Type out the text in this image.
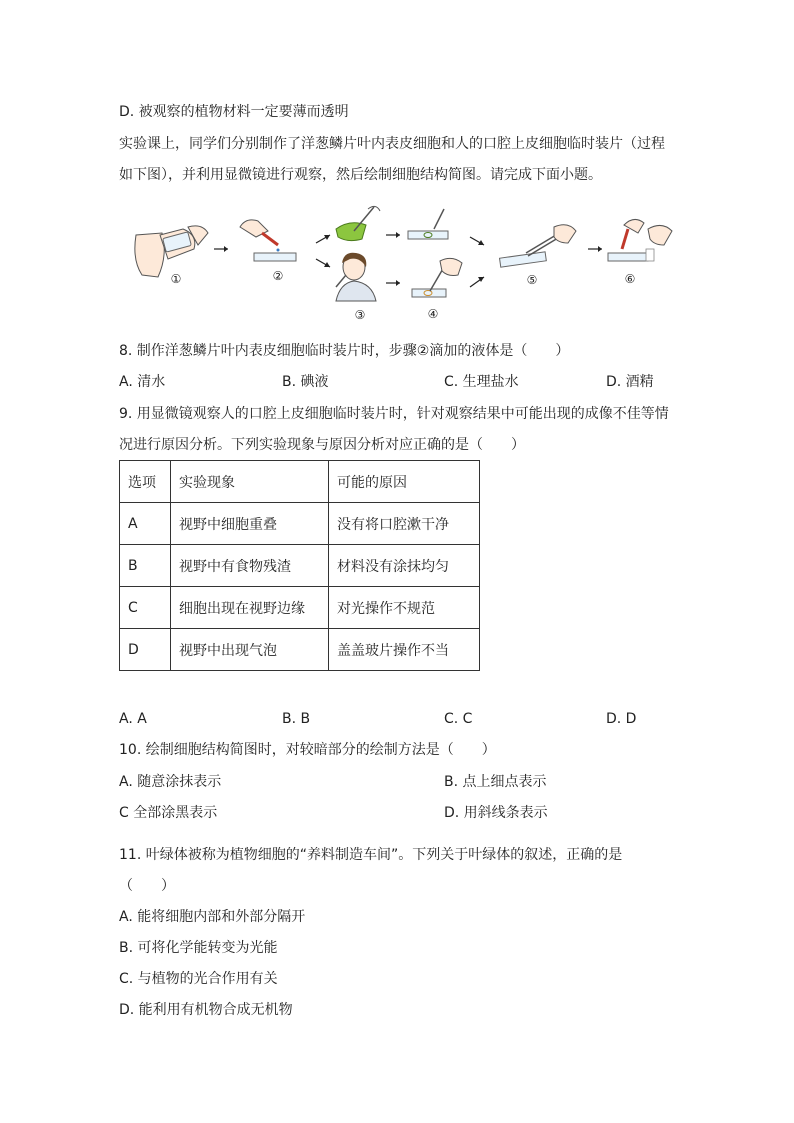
D. 被观察的植物材料一定要薄而透明
实验课上，同学们分别制作了洋葱鳞片叶内表皮细胞和人的口腔上皮细胞临时装片（过程
如下图），并利用显微镜进行观察，然后绘制细胞结构简图。请完成下面小题。
①	②
③	④
⑤	⑥
8. 制作洋葱鳞片叶内表皮细胞临时装片时，步骤②滴加的液体是（　　）
A. 清水	B. 碘液	C. 生理盐水	D. 酒精
9. 用显微镜观察人的口腔上皮细胞临时装片时，针对观察结果中可能出现的成像不佳等情
况进行原因分析。下列实验现象与原因分析对应正确的是（　　）
选项	实验现象	可能的原因
A	视野中细胞重叠	没有将口腔漱干净
B	视野中有食物残渣	材料没有涂抹均匀
C	细胞出现在视野边缘	对光操作不规范
D	视野中出现气泡	盖盖玻片操作不当
A. A	B. B	C. C	D. D
10. 绘制细胞结构简图时，对较暗部分的绘制方法是（　　）
A. 随意涂抹表示	B. 点上细点表示
C 全部涂黑表示	D. 用斜线条表示
11. 叶绿体被称为植物细胞的“养料制造车间”。下列关于叶绿体的叙述，正确的是
（　　）
A. 能将细胞内部和外部分隔开
B. 可将化学能转变为光能
C. 与植物的光合作用有关
D. 能利用有机物合成无机物
